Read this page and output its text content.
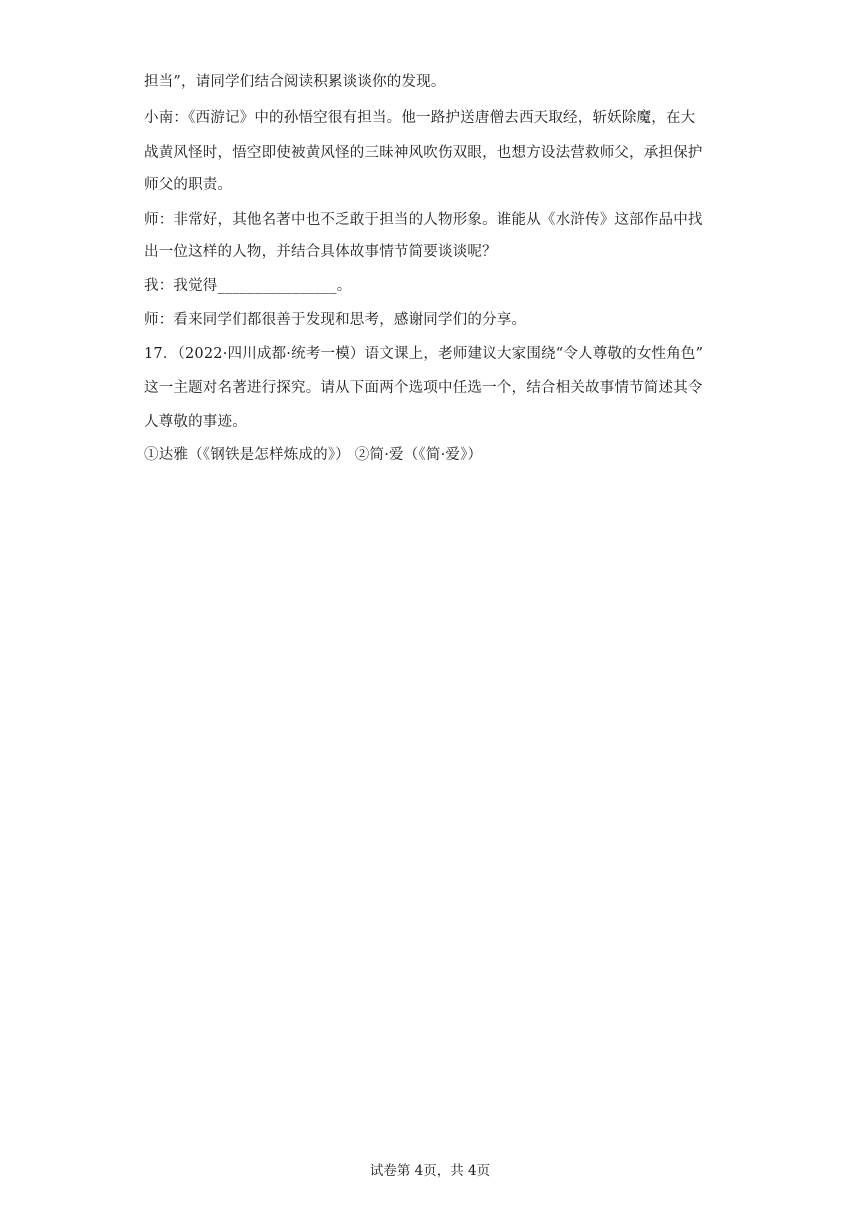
担当”，请同学们结合阅读积累谈谈你的发现。
小南：《西游记》中的孙悟空很有担当。他一路护送唐僧去西天取经，斩妖除魔，在大
战黄风怪时，悟空即使被黄风怪的三昧神风吹伤双眼，也想方设法营救师父，承担保护
师父的职责。
师：非常好，其他名著中也不乏敢于担当的人物形象。谁能从《水浒传》这部作品中找
出一位这样的人物，并结合具体故事情节简要谈谈呢？
我：我觉得________________。
师：看来同学们都很善于发现和思考，感谢同学们的分享。
17．（2022·四川成都·统考一模）语文课上，老师建议大家围绕“令人尊敬的女性角色”
这一主题对名著进行探究。请从下面两个选项中任选一个，结合相关故事情节简述其令
人尊敬的事迹。
①达雅（《钢铁是怎样炼成的》） ②简·爱（《简·爱》）
试卷第 4页，共 4页
